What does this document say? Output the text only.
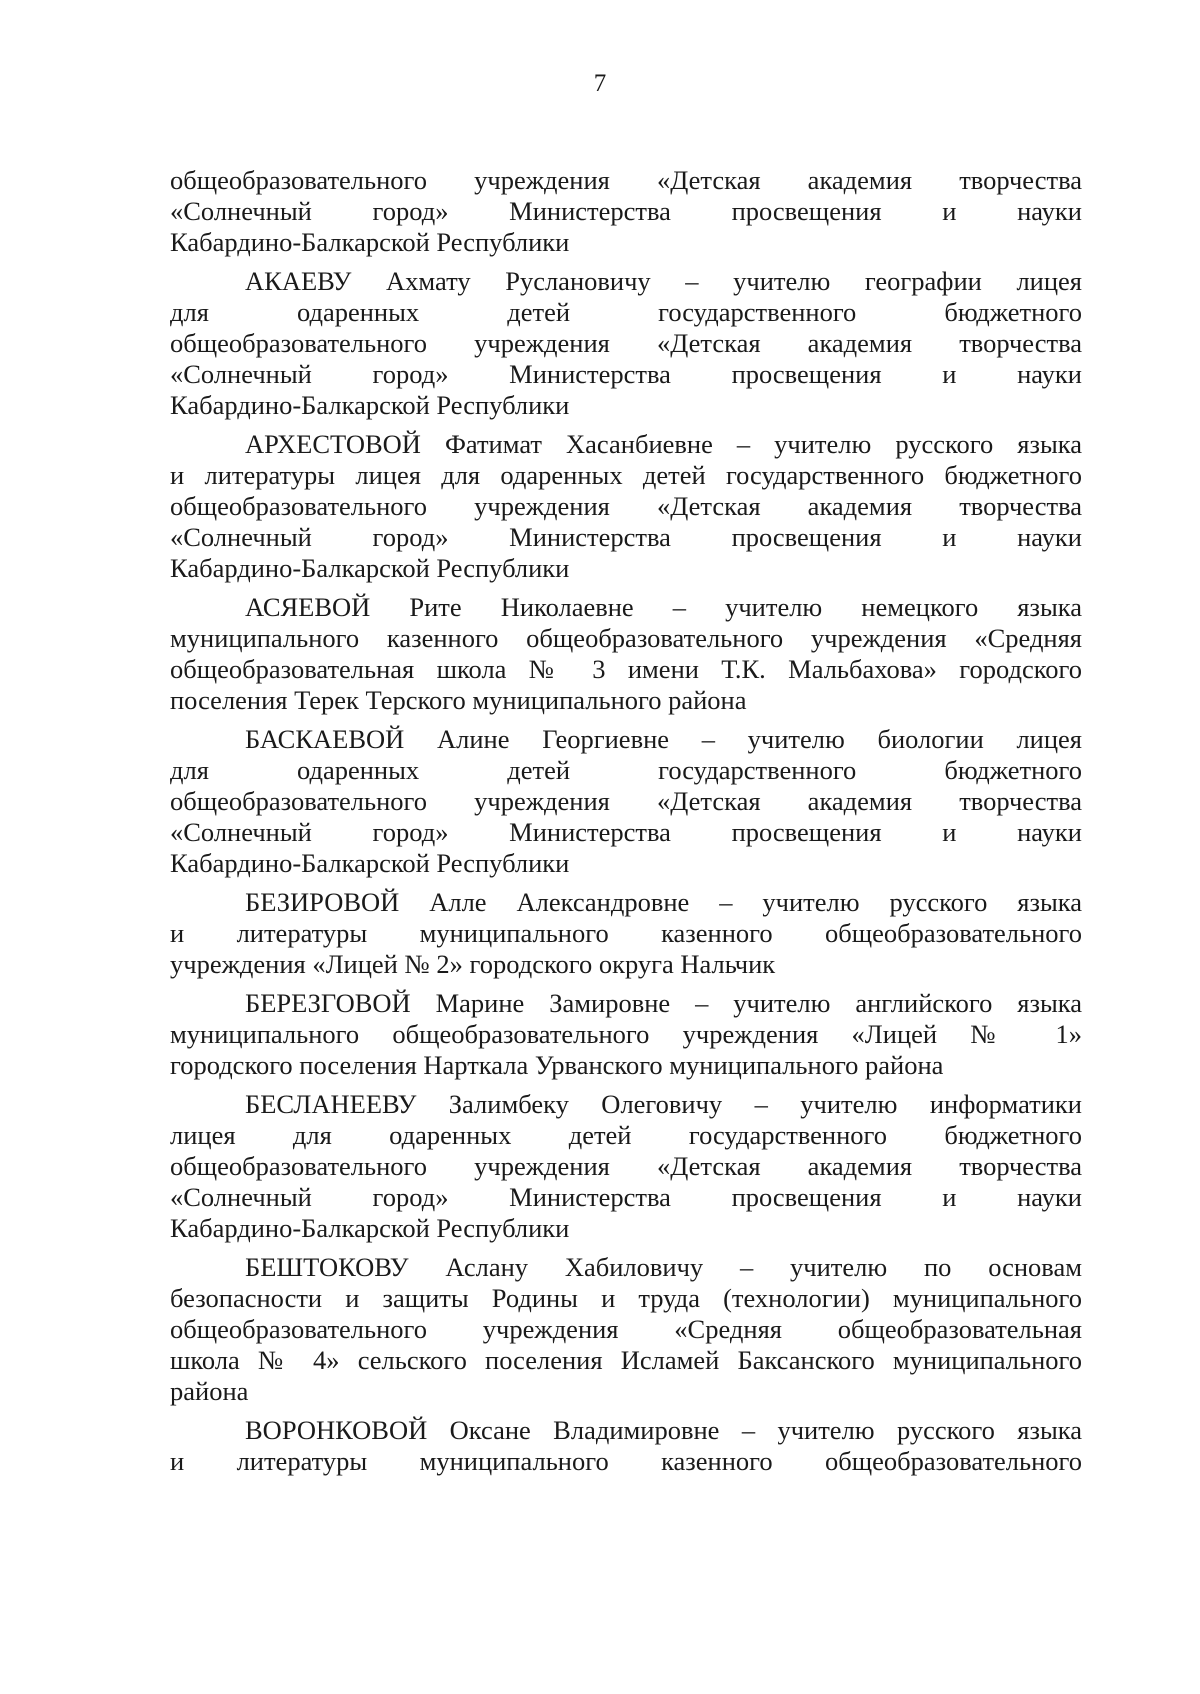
7
общеобразовательного учреждения «Детская академия творчества
«Солнечный город» Министерства просвещения и науки
Кабардино-Балкарской Республики
АКАЕВУ Ахмату Руслановичу – учителю географии лицея
для одаренных детей государственного бюджетного
общеобразовательного учреждения «Детская академия творчества
«Солнечный город» Министерства просвещения и науки
Кабардино-Балкарской Республики
АРХЕСТОВОЙ Фатимат Хасанбиевне – учителю русского языка
и литературы лицея для одаренных детей государственного бюджетного
общеобразовательного учреждения «Детская академия творчества
«Солнечный город» Министерства просвещения и науки
Кабардино-Балкарской Республики
АСЯЕВОЙ Рите Николаевне – учителю немецкого языка
муниципального казенного общеобразовательного учреждения «Средняя
общеобразовательная школа № 3 имени Т.К. Мальбахова» городского
поселения Терек Терского муниципального района
БАСКАЕВОЙ Алине Георгиевне – учителю биологии лицея
для одаренных детей государственного бюджетного
общеобразовательного учреждения «Детская академия творчества
«Солнечный город» Министерства просвещения и науки
Кабардино-Балкарской Республики
БЕЗИРОВОЙ Алле Александровне – учителю русского языка
и литературы муниципального казенного общеобразовательного
учреждения «Лицей № 2» городского округа Нальчик
БЕРЕЗГОВОЙ Марине Замировне – учителю английского языка
муниципального общеобразовательного учреждения «Лицей № 1»
городского поселения Нарткала Урванского муниципального района
БЕСЛАНЕЕВУ Залимбеку Олеговичу – учителю информатики
лицея для одаренных детей государственного бюджетного
общеобразовательного учреждения «Детская академия творчества
«Солнечный город» Министерства просвещения и науки
Кабардино-Балкарской Республики
БЕШТОКОВУ Аслану Хабиловичу – учителю по основам
безопасности и защиты Родины и труда (технологии) муниципального
общеобразовательного учреждения «Средняя общеобразовательная
школа № 4» сельского поселения Исламей Баксанского муниципального
района
ВОРОНКОВОЙ Оксане Владимировне – учителю русского языка
и литературы муниципального казенного общеобразовательного
